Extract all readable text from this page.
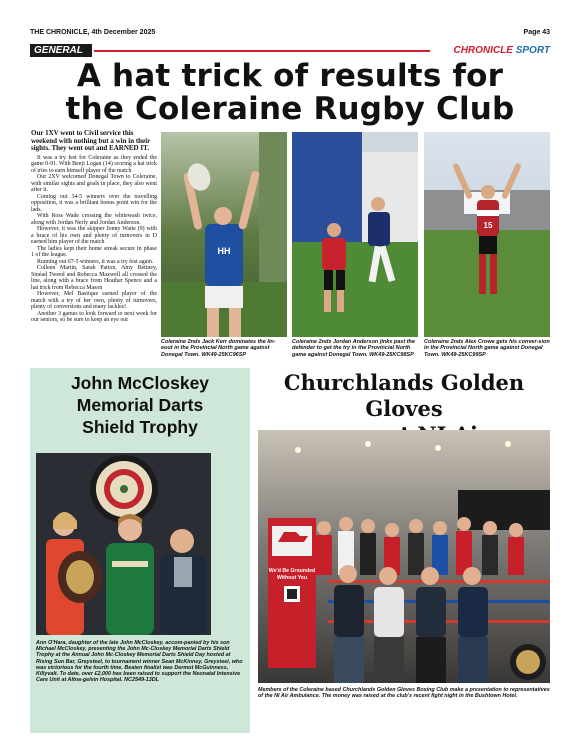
THE CHRONICLE, 4th December 2025	Page 43
GENERAL	CHRONICLE SPORT
A hat trick of results for
the Coleraine Rugby Club
Our 1XV went to Civil service this weekend with nothing but a win in their sights. They went out and EARNED IT.

It was a try fest for Coleraine as they ended the game 0-91. With Benji Logan (14) scoring a hat trick of tries to earn himself player of the match

Our 2XV welcomed Donegal Town to Coleraine, with similar sights and goals in place, they also went after it.

Coming out 34-5 winners over the travelling opposition, it was a brilliant bonus point win for the lads.

With Ross Wade crossing the whitewash twice, along with Jordan Nerly and Jordan Anderson.

However, it was the skipper Jonny Waite (9) with a brace of his own and plenty of turnovers in D earned him player of the match

The ladies kept their home streak secure in phase 1 of the league.

Running out 67-5 winners, it was a try fest again.

Colleen Martin, Sarah Patton, Amy Bettney, Sinéad Tweed and Rebecca Maxwell all crossed the line, along with a brace from Heather Spence and a hat trick from Rebecca Mason

However, Mel Bastique earned player of the match with a try of her own, plenty of turnovers, plenty of conversions and many tackles!

Another 3 games to look forward to next week for our seniors, so be sure to keep an eye out

HH
Coleraine 2nds Jack Kerr dominates the lin-eout in the Provincial North game against Donegal Town. WK49-25KC96SP
Coleraine 2nds Jordan Anderson jinks past the defender to get the try in the Provincial North game against Donegal Town. WK49-25KC98SP
15
Coleraine 2nds Alex Crowe gets his conver-sion in the Provincial North game against Donegal Town. WK49-25KC99SP
John McCloskey
Memorial Darts
Shield Trophy
Ann O'Hara, daughter of the late John McCloskey, accom-panied by his son Michael McCloskey, presenting the John Mc-Closkey Memorial Darts Shield Trophy at the Annual John Mc-Closkey Memorial Darts Shield Day hosted at Rising Sun Bar, Greysteel, to tournament winner Sean McKinney, Greysteel, who was victorious for the fourth time. Beaten finalist was Dermot McGuinness, Killyvalt. To date, over £2,000 has been raised to support the Neonatal Intensive Care Unit at Altna-gelvin Hospital. NC2549-13DL
Churchlands Golden Gloves
We'd Be Grounded
Without You
Members of the Coleraine based Churchlands Golden Gloves Boxing Club make a presentation to representatives of the NI Air Ambulance. The money was raised at the club's recent fight night in the Bushtown Hotel.
